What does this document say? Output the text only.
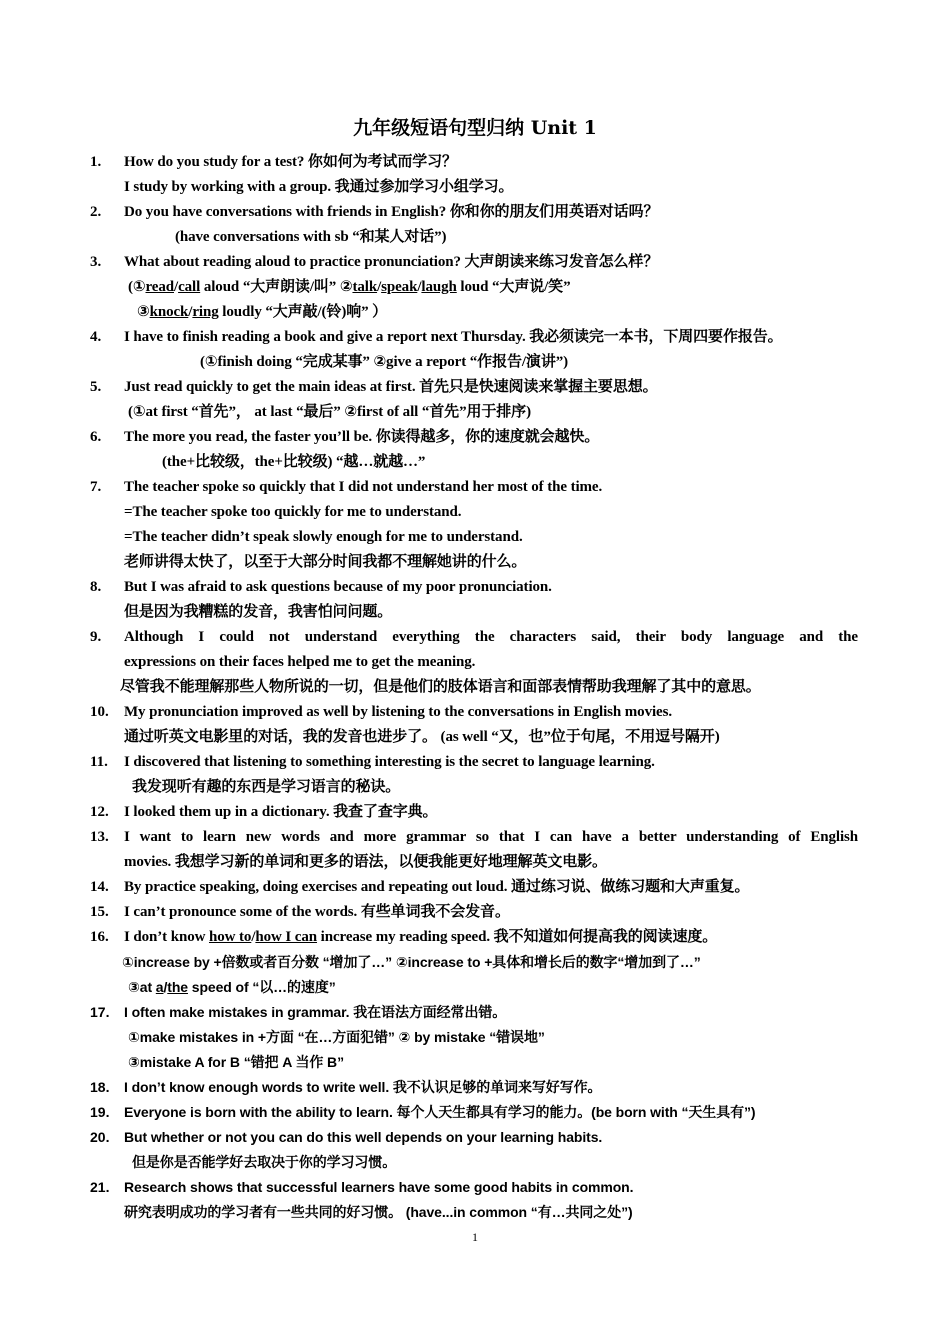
九年级短语句型归纳 Unit 1
1.	How do you study for a test? 你如何为考试而学习？
I study by working with a group. 我通过参加学习小组学习。
2.	Do you have conversations with friends in English? 你和你的朋友们用英语对话吗？
(have conversations with sb “和某人对话”)
3.	What about reading aloud to practice pronunciation? 大声朗读来练习发音怎么样？
(①read/call aloud “大声朗读/叫” ②talk/speak/laugh loud “大声说/笑”
③knock/ring loudly “大声敲/(铃)响” ）
4.	I have to finish reading a book and give a report next Thursday. 我必须读完一本书，下周四要作报告。
(①finish doing “完成某事” ②give a report “作报告/演讲”)
5.	Just read quickly to get the main ideas at first. 首先只是快速阅读来掌握主要思想。
(①at first “首先”， at last “最后” ②first of all “首先”用于排序)
6.	The more you read, the faster you’ll be. 你读得越多，你的速度就会越快。
(the+比较级，the+比较级) “越…就越…”
7.	The teacher spoke so quickly that I did not understand her most of the time.
=The teacher spoke too quickly for me to understand.
=The teacher didn’t speak slowly enough for me to understand.
老师讲得太快了，以至于大部分时间我都不理解她讲的什么。
8.	But I was afraid to ask questions because of my poor pronunciation.
但是因为我糟糕的发音，我害怕问问题。
9.	Although I could not understand everything the characters said, their body language and the
expressions on their faces helped me to get the meaning.
尽管我不能理解那些人物所说的一切，但是他们的肢体语言和面部表情帮助我理解了其中的意思。
10.	My pronunciation improved as well by listening to the conversations in English movies.
通过听英文电影里的对话，我的发音也进步了。 (as well “又，也”位于句尾，不用逗号隔开)
11.	I discovered that listening to something interesting is the secret to language learning.
我发现听有趣的东西是学习语言的秘诀。
12.	I looked them up in a dictionary. 我查了查字典。
13.	I want to learn new words and more grammar so that I can have a better understanding of English
movies. 我想学习新的单词和更多的语法，以便我能更好地理解英文电影。
14.	By practice speaking, doing exercises and repeating out loud. 通过练习说、做练习题和大声重复。
15.	I can’t pronounce some of the words. 有些单词我不会发音。
16.	I don’t know how to/how I can increase my reading speed. 我不知道如何提高我的阅读速度。
①increase by +倍数或者百分数 “增加了…” ②increase to +具体和增长后的数字“增加到了…”
③at a/the speed of “以…的速度”
17.	I often make mistakes in grammar. 我在语法方面经常出错。
①make mistakes in +方面 “在…方面犯错” ② by mistake “错误地”
③mistake A for B “错把 A 当作 B”
18.	I don’t know enough words to write well. 我不认识足够的单词来写好写作。
19.	Everyone is born with the ability to learn. 每个人天生都具有学习的能力。(be born with “天生具有”)
20.	But whether or not you can do this well depends on your learning habits.
但是你是否能学好去取决于你的学习习惯。
21.	Research shows that successful learners have some good habits in common.
研究表明成功的学习者有一些共同的好习惯。 (have...in common “有…共同之处”)
1
